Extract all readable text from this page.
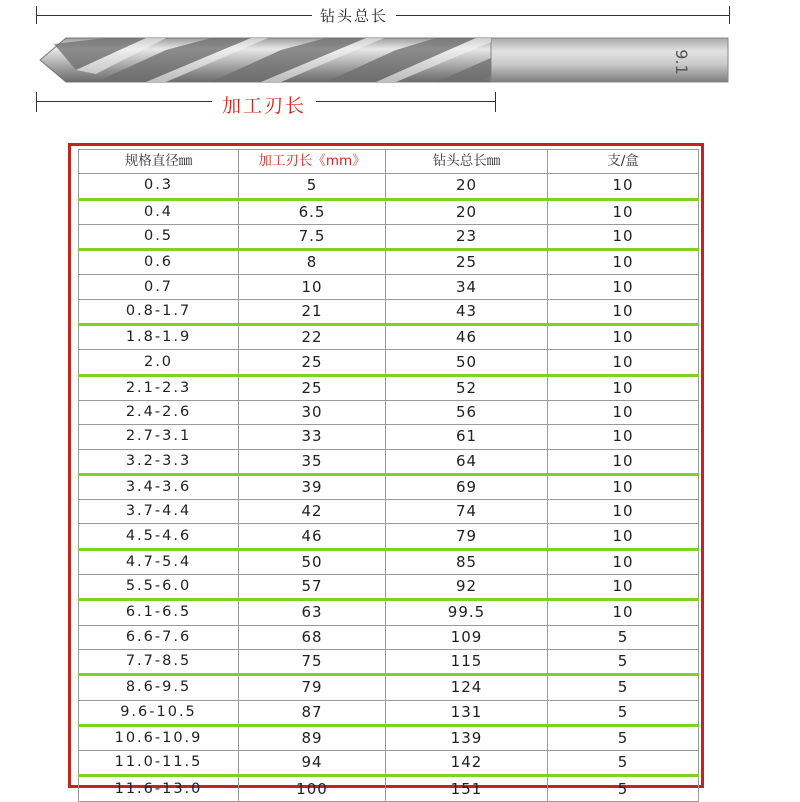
钻头总长
9.1
加工刃长
规格直径㎜	加工刃长《mm》	钻头总长㎜	支/盒
0.3	5	20	10
0.4	6.5	20	10
0.5	7.5	23	10
0.6	8	25	10
0.7	10	34	10
0.8-1.7	21	43	10
1.8-1.9	22	46	10
2.0	25	50	10
2.1-2.3	25	52	10
2.4-2.6	30	56	10
2.7-3.1	33	61	10
3.2-3.3	35	64	10
3.4-3.6	39	69	10
3.7-4.4	42	74	10
4.5-4.6	46	79	10
4.7-5.4	50	85	10
5.5-6.0	57	92	10
6.1-6.5	63	99.5	10
6.6-7.6	68	109	5
7.7-8.5	75	115	5
8.6-9.5	79	124	5
9.6-10.5	87	131	5
10.6-10.9	89	139	5
11.0-11.5	94	142	5
11.6-13.0	100	151	5
